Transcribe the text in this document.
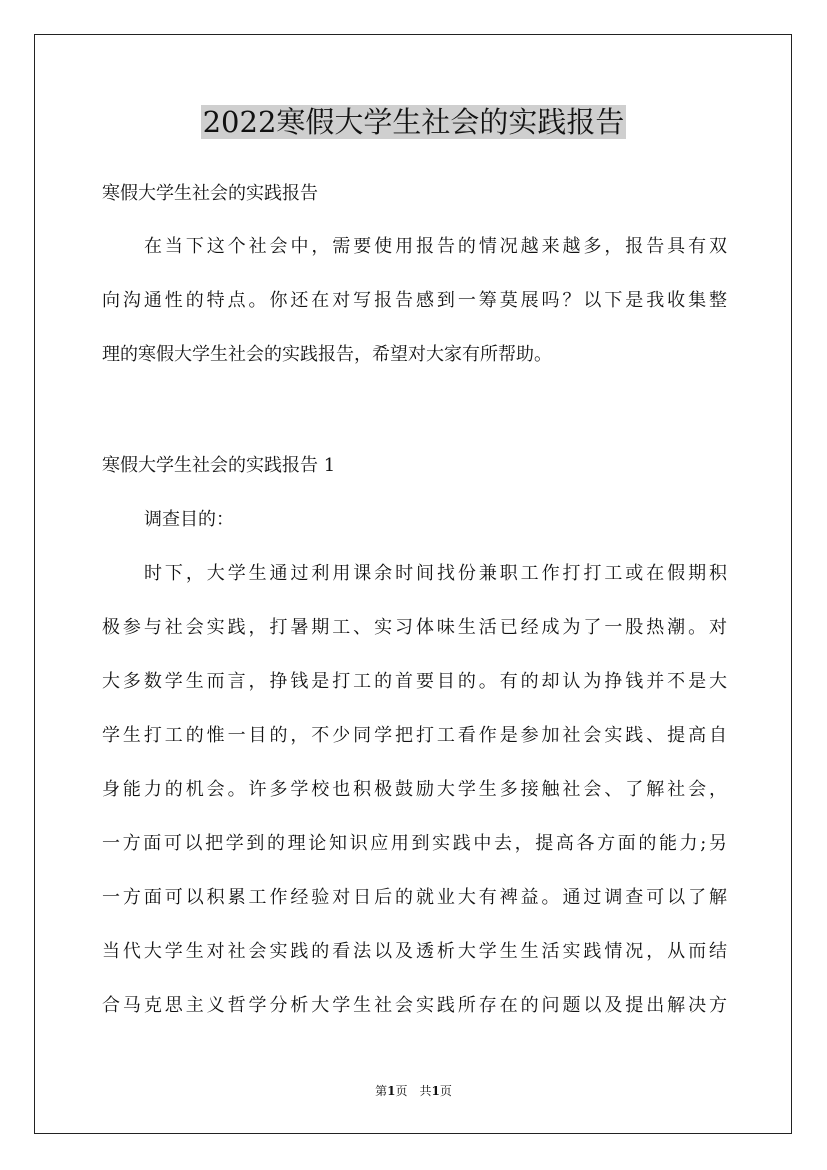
2022寒假大学生社会的实践报告
寒假大学生社会的实践报告
在当下这个社会中，需要使用报告的情况越来越多，报告具有双
向沟通性的特点。你还在对写报告感到一筹莫展吗？以下是我收集整
理的寒假大学生社会的实践报告，希望对大家有所帮助。
寒假大学生社会的实践报告 1
调查目的：
时下，大学生通过利用课余时间找份兼职工作打打工或在假期积
极参与社会实践，打暑期工、实习体味生活已经成为了一股热潮。对
大多数学生而言，挣钱是打工的首要目的。有的却认为挣钱并不是大
学生打工的惟一目的，不少同学把打工看作是参加社会实践、提高自
身能力的机会。许多学校也积极鼓励大学生多接触社会、了解社会，
一方面可以把学到的理论知识应用到实践中去，提高各方面的能力;另
一方面可以积累工作经验对日后的就业大有裨益。通过调查可以了解
当代大学生对社会实践的看法以及透析大学生生活实践情况，从而结
合马克思主义哲学分析大学生社会实践所存在的问题以及提出解决方
第1页　共1页
